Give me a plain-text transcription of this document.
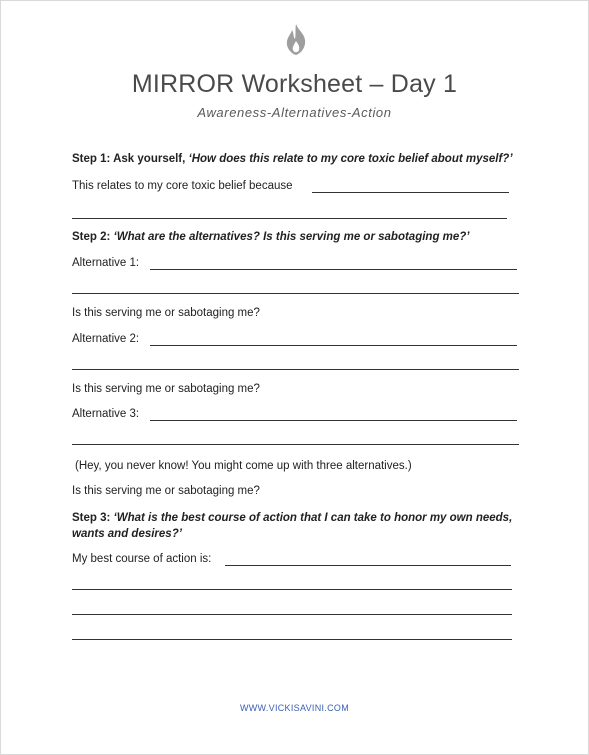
MIRROR Worksheet – Day 1
Awareness-Alternatives-Action
Step 1: Ask yourself, ‘How does this relate to my core toxic belief about myself?’
This relates to my core toxic belief because
Step 2: ‘What are the alternatives? Is this serving me or sabotaging me?’
Alternative 1:
Is this serving me or sabotaging me?
Alternative 2:
Is this serving me or sabotaging me?
Alternative 3:
(Hey, you never know! You might come up with three alternatives.)
Is this serving me or sabotaging me?
Step 3: ‘What is the best course of action that I can take to honor my own needs, wants and desires?’
My best course of action is:
WWW.VICKISAVINI.COM
